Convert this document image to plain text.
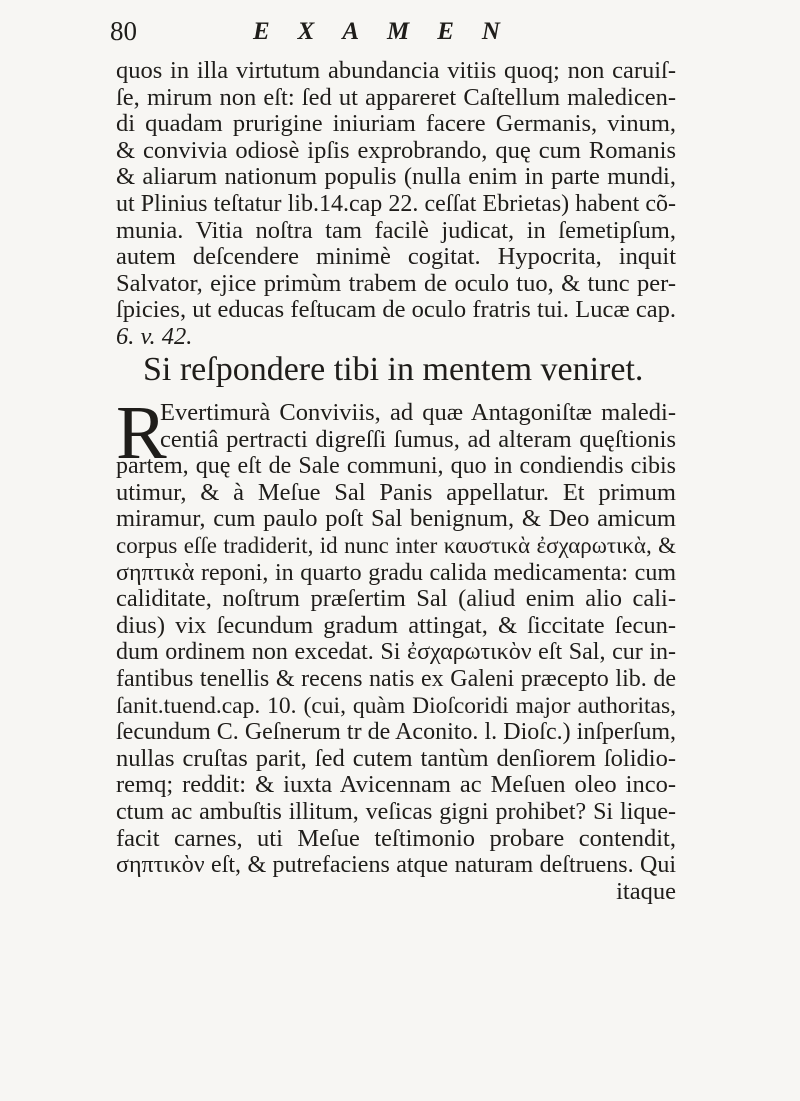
80	EXAMEN
quos in illa virtutum abundancia vitiis quoq; non caruiſ-
ſe, mirum non eſt: ſed ut appareret Caſtellum maledicen-
di quadam prurigine iniuriam facere Germanis, vinum,
& convivia odiosè ipſis exprobrando, quę cum Romanis
& aliarum nationum populis (nulla enim in parte mundi,
ut Plinius teſtatur lib.14.cap 22. ceſſat Ebrietas) habent cõ-
munia. Vitia noſtra tam facilè judicat, in ſemetipſum,
autem deſcendere minimè cogitat. Hypocrita, inquit
Salvator, ejice primùm trabem de oculo tuo, & tunc per-
ſpicies, ut educas feſtucam de oculo fratris tui. Lucæ cap.
6. v. 42.
Si reſpondere tibi in mentem veniret.
R
Evertimurà Conviviis, ad quæ Antagoniſtæ maledi-
centiâ pertracti digreſſi ſumus, ad alteram quęſtionis
partem, quę eſt de Sale communi, quo in condiendis cibis
utimur, & à Meſue Sal Panis appellatur. Et primum
miramur, cum paulo poſt Sal benignum, & Deo amicum
corpus eſſe tradiderit, id nunc inter καυστικὰ ἐσχαρωτικὰ, &
σηπτικὰ reponi, in quarto gradu calida medicamenta: cum
caliditate, noſtrum præſertim Sal (aliud enim alio cali-
dius) vix ſecundum gradum attingat, & ſiccitate ſecun-
dum ordinem non excedat. Si ἐσχαρωτικὸν eſt Sal, cur in-
fantibus tenellis & recens natis ex Galeni præcepto lib. de
ſanit.tuend.cap. 10. (cui, quàm Dioſcoridi major authoritas,
ſecundum C. Geſnerum tr de Aconito. l. Dioſc.) inſperſum,
nullas cruſtas parit, ſed cutem tantùm denſiorem ſolidio-
remq; reddit: & iuxta Avicennam ac Meſuen oleo inco-
ctum ac ambuſtis illitum, veſicas gigni prohibet? Si lique-
facit carnes, uti Meſue teſtimonio probare contendit,
σηπτικὸν eſt, & putrefaciens atque naturam deſtruens. Qui
itaque
